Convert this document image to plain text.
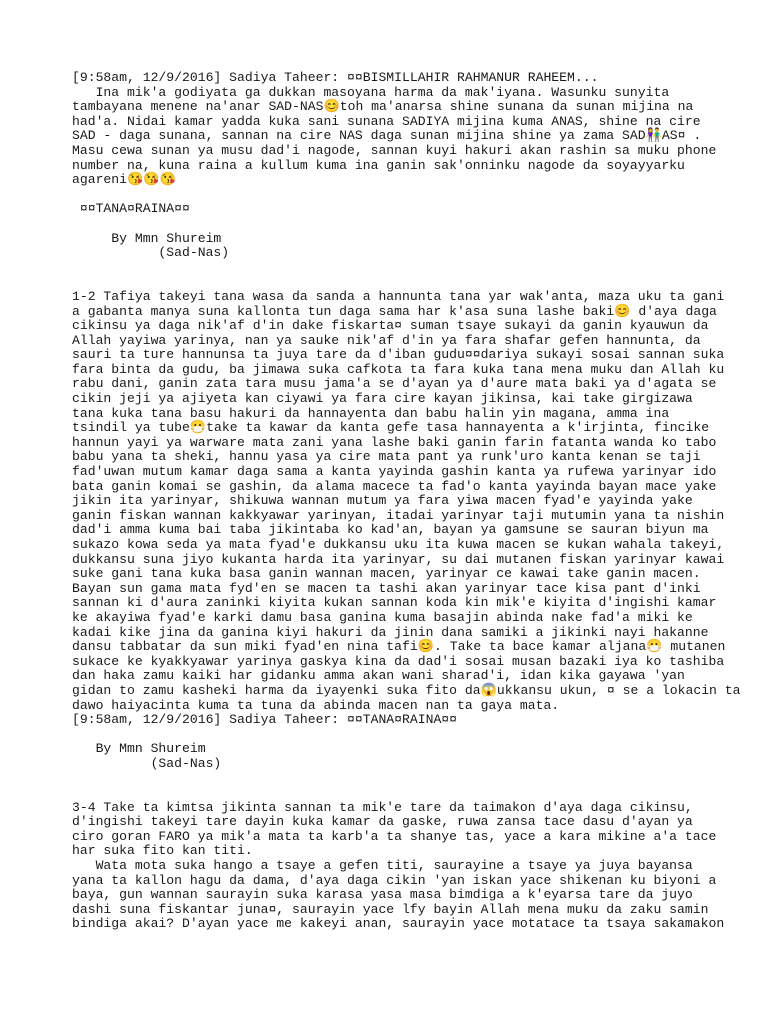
[9:58am, 12/9/2016] Sadiya Taheer: ¤¤BISMILLAHIR RAHMANUR RAHEEM...
Ina mik'a godiyata ga dukkan masoyana harma da mak'iyana. Wasunku sunyita
tambayana menene na'anar SAD-NAS😊toh ma'anarsa shine sunana da sunan mijina na
had'a. Nidai kamar yadda kuka sani sunana SADIYA mijina kuma ANAS, shine na cire
SAD - daga sunana, sannan na cire NAS daga sunan mijina shine ya zama SAD👫AS¤ .
Masu cewa sunan ya musu dad'i nagode, sannan kuyi hakuri akan rashin sa muku phone
number na, kuna raina a kullum kuma ina ganin sak'onninku nagode da soyayyarku
agareni😘😘😘
¤¤TANA¤RAINA¤¤
By Mmn Shureim
(Sad-Nas)
1-2 Tafiya takeyi tana wasa da sanda a hannunta tana yar wak'anta, maza uku ta gani
a gabanta manya suna kallonta tun daga sama har k'asa suna lashe baki😊 d'aya daga
cikinsu ya daga nik'af d'in dake fiskarta¤ suman tsaye sukayi da ganin kyauwun da
Allah yayiwa yarinya, nan ya sauke nik'af d'in ya fara shafar gefen hannunta, da
sauri ta ture hannunsa ta juya tare da d'iban gudu¤¤dariya sukayi sosai sannan suka
fara binta da gudu, ba jimawa suka cafkota ta fara kuka tana mena muku dan Allah ku
rabu dani, ganin zata tara musu jama'a se d'ayan ya d'aure mata baki ya d'agata se
cikin jeji ya ajiyeta kan ciyawi ya fara cire kayan jikinsa, kai take girgizawa
tana kuka tana basu hakuri da hannayenta dan babu halin yin magana, amma ina
tsindil ya tube😷take ta kawar da kanta gefe tasa hannayenta a k'irjinta, fincike
hannun yayi ya warware mata zani yana lashe baki ganin farin fatanta wanda ko tabo
babu yana ta sheki, hannu yasa ya cire mata pant ya runk'uro kanta kenan se taji
fad'uwan mutum kamar daga sama a kanta yayinda gashin kanta ya rufewa yarinyar ido
bata ganin komai se gashin, da alama macece ta fad'o kanta yayinda bayan mace yake
jikin ita yarinyar, shikuwa wannan mutum ya fara yiwa macen fyad'e yayinda yake
ganin fiskan wannan kakkyawar yarinyan, itadai yarinyar taji mutumin yana ta nishin
dad'i amma kuma bai taba jikintaba ko kad'an, bayan ya gamsune se sauran biyun ma
sukazo kowa seda ya mata fyad'e dukkansu uku ita kuwa macen se kukan wahala takeyi,
dukkansu suna jiyo kukanta harda ita yarinyar, su dai mutanen fiskan yarinyar kawai
suke gani tana kuka basa ganin wannan macen, yarinyar ce kawai take ganin macen.
Bayan sun gama mata fyd'en se macen ta tashi akan yarinyar tace kisa pant d'inki
sannan ki d'aura zaninki kiyita kukan sannan koda kin mik'e kiyita d'ingishi kamar
ke akayiwa fyad'e karki damu basa ganina kuma basajin abinda nake fad'a miki ke
kadai kike jina da ganina kiyi hakuri da jinin dana samiki a jikinki nayi hakanne
dansu tabbatar da sun miki fyad'en nina tafi😊. Take ta bace kamar aljana😷 mutanen
sukace ke kyakkyawar yarinya gaskya kina da dad'i sosai musan bazaki iya ko tashiba
dan haka zamu kaiki har gidanku amma akan wani sharad'i, idan kika gayawa 'yan
gidan to zamu kasheki harma da iyayenki suka fito da😱ukkansu ukun, ¤ se a lokacin ta
dawo haiyacinta kuma ta tuna da abinda macen nan ta gaya mata.
[9:58am, 12/9/2016] Sadiya Taheer: ¤¤TANA¤RAINA¤¤
By Mmn Shureim
(Sad-Nas)
3-4 Take ta kimtsa jikinta sannan ta mik'e tare da taimakon d'aya daga cikinsu,
d'ingishi takeyi tare dayin kuka kamar da gaske, ruwa zansa tace dasu d'ayan ya
ciro goran FARO ya mik'a mata ta karb'a ta shanye tas, yace a kara mikine a'a tace
har suka fito kan titi.
Wata mota suka hango a tsaye a gefen titi, saurayine a tsaye ya juya bayansa
yana ta kallon hagu da dama, d'aya daga cikin 'yan iskan yace shikenan ku biyoni a
baya, gun wannan saurayin suka karasa yasa masa bimdiga a k'eyarsa tare da juyo
dashi suna fiskantar juna¤, saurayin yace lfy bayin Allah mena muku da zaku samin
bindiga akai? D'ayan yace me kakeyi anan, saurayin yace motatace ta tsaya sakamakon
